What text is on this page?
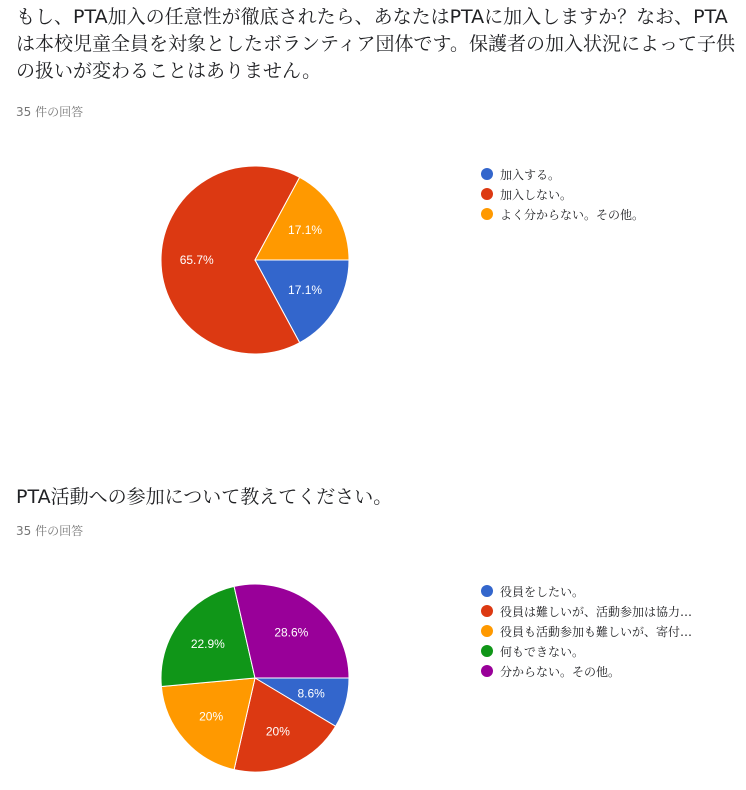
もし、PTA加入の任意性が徹底されたら、あなたはPTAに加入しますか？なお、PTAは本校児童全員を対象としたボランティア団体です。保護者の加入状況によって子供の扱いが変わることはありません。
35 件の回答
17.1%
65.7%
17.1%
加入する。
加入しない。
よく分からない。その他。
PTA活動への参加について教えてください。
35 件の回答
8.6%
20%
20%
22.9%
28.6%
役員をしたい。
役員は難しいが、活動参加は協力…
役員も活動参加も難しいが、寄付…
何もできない。
分からない。その他。
